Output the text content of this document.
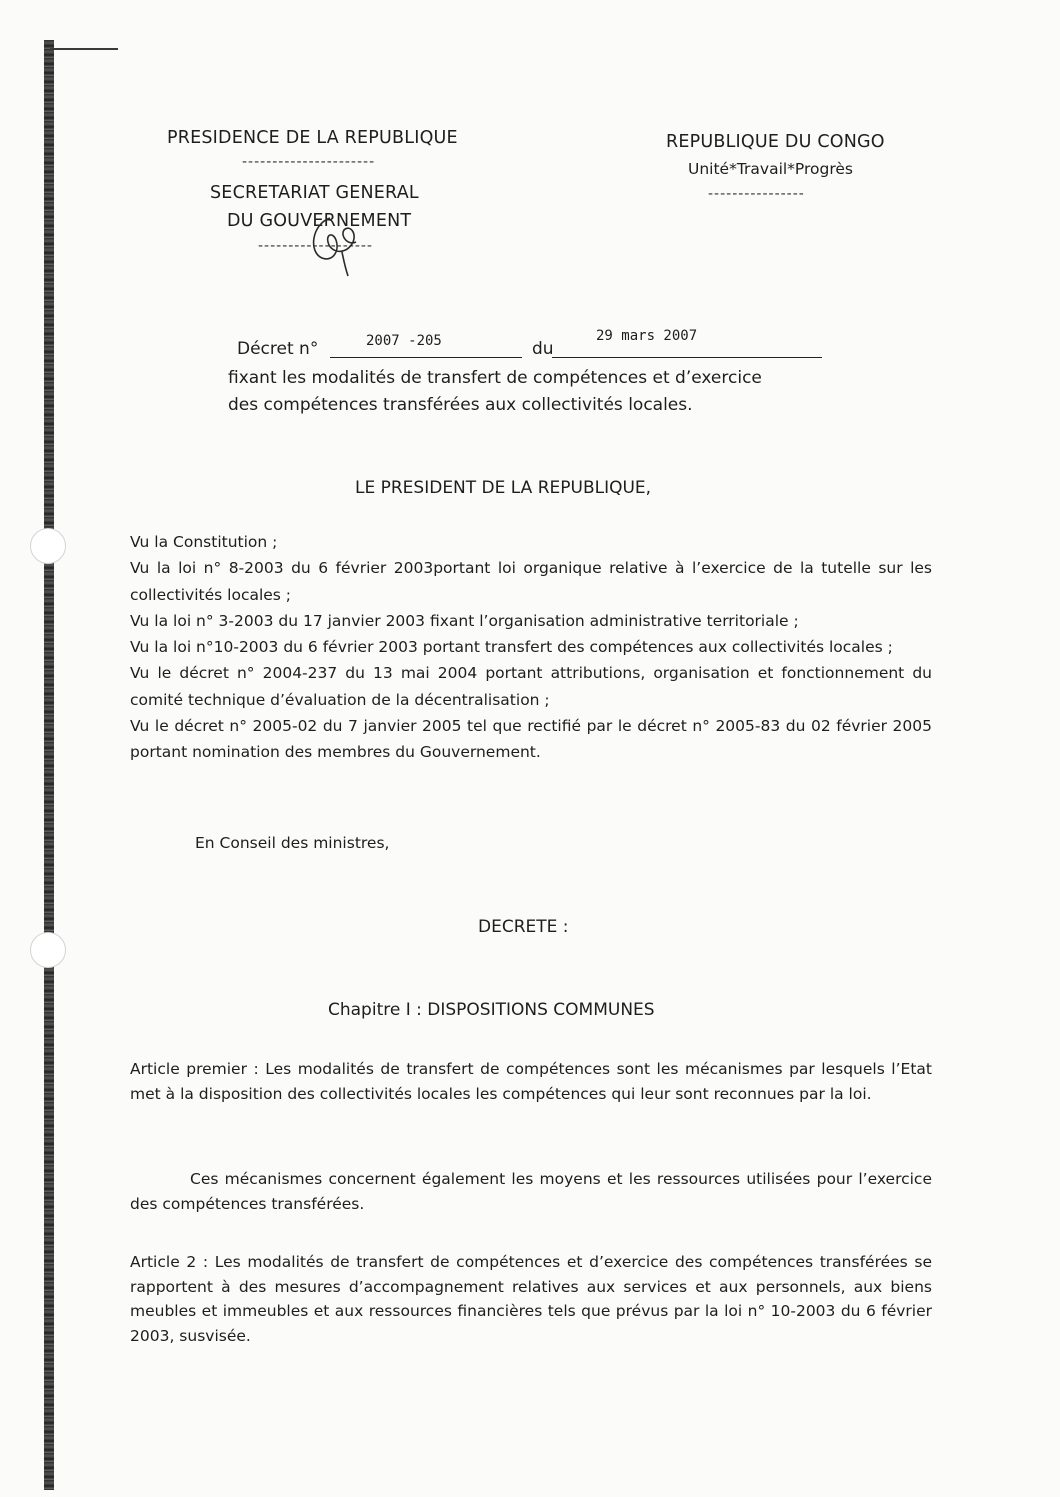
PRESIDENCE DE LA REPUBLIQUE
----------------------
SECRETARIAT GENERAL
DU GOUVERNEMENT
-------------------
REPUBLIQUE DU CONGO
Unité*Travail*Progrès
----------------
Décret n°	2007 -205	du
29 mars 2007
fixant les modalités de transfert de compétences et d’exercice
des compétences transférées aux collectivités locales.
LE PRESIDENT DE LA REPUBLIQUE,

Vu la Constitution ;

Vu la loi n° 8-2003 du 6 février 2003portant loi organique relative à l’exercice de la tutelle sur les collectivités locales ;

Vu la loi n° 3-2003 du 17 janvier 2003 fixant l’organisation administrative territoriale ;

Vu la loi n°10-2003 du 6 février 2003 portant transfert des compétences aux collectivités locales ;

Vu le décret n° 2004-237 du 13 mai 2004 portant attributions, organisation et fonctionnement du comité technique d’évaluation de la décentralisation ;

Vu le décret n° 2005-02 du 7 janvier 2005 tel que rectifié par le décret n° 2005-83 du 02 février 2005 portant nomination des membres du Gouvernement.

En Conseil des ministres,
DECRETE :
Chapitre I : DISPOSITIONS COMMUNES
Article premier : Les modalités de transfert de compétences sont les mécanismes par lesquels l’Etat met à la disposition des collectivités locales les compétences qui leur sont reconnues par la loi.
Ces mécanismes concernent également les moyens et les ressources utilisées pour l’exercice des compétences transférées.
Article 2 : Les modalités de transfert de compétences et d’exercice des compétences transférées se rapportent à des mesures d’accompagnement relatives aux services et aux personnels, aux biens meubles et immeubles et aux ressources financières tels que prévus par la loi n° 10-2003 du 6 février 2003, susvisée.
